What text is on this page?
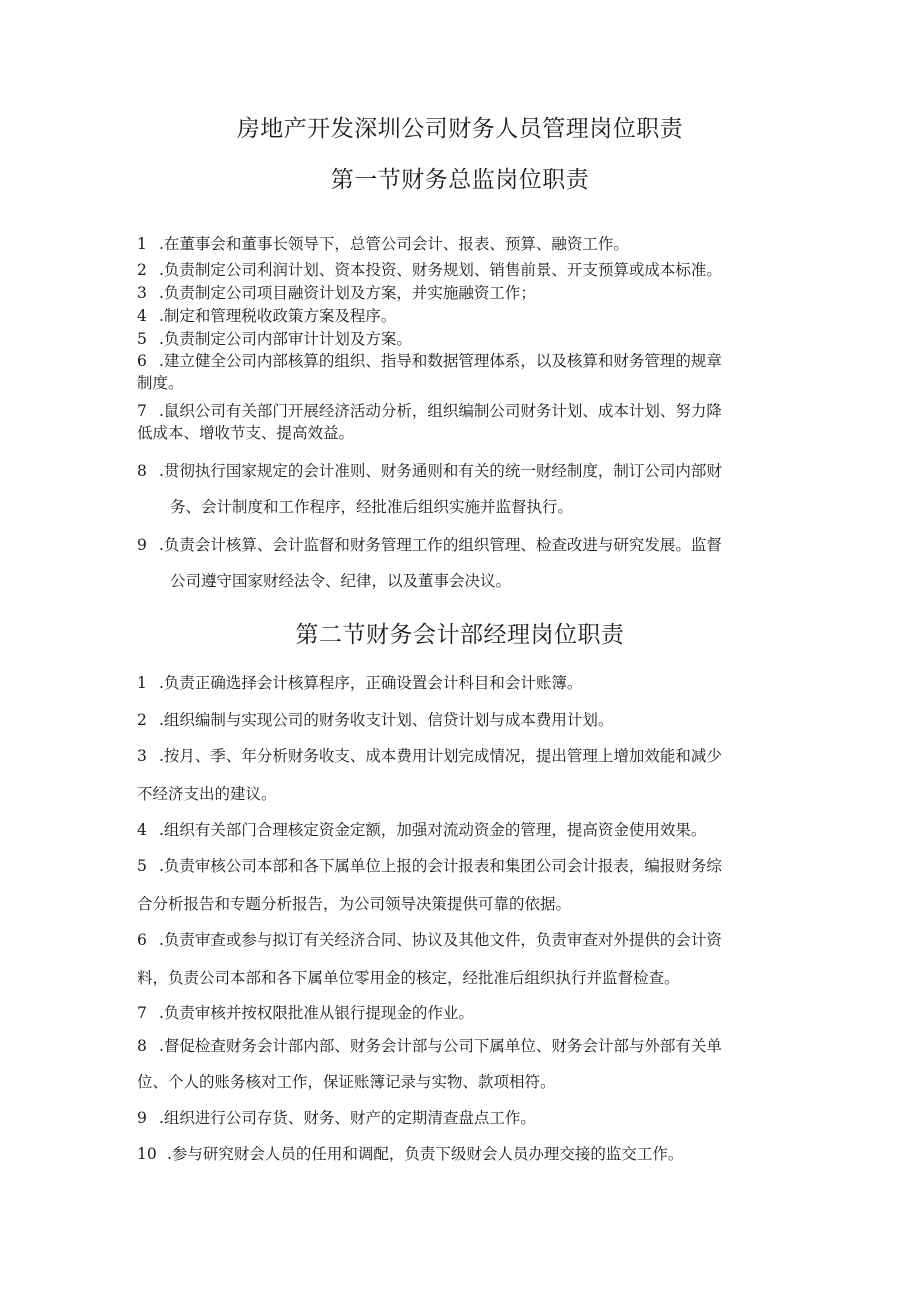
房地产开发深圳公司财务人员管理岗位职责
第一节财务总监岗位职责
1 .在董事会和董事长领导下，总管公司会计、报表、预算、融资工作。
2 .负责制定公司利润计划、资本投资、财务规划、销售前景、开支预算或成本标准。
3 .负责制定公司项目融资计划及方案，并实施融资工作；
4 .制定和管理税收政策方案及程序。
5 .负责制定公司内部审计计划及方案。
6 .建立健全公司内部核算的组织、指导和数据管理体系，以及核算和财务管理的规章
制度。
7 .鼠织公司有关部门开展经济活动分析，组织编制公司财务计划、成本计划、努力降
低成本、增收节支、提高效益。
8 .贯彻执行国家规定的会计准则、财务通则和有关的统一财经制度，制订公司内部财
务、会计制度和工作程序，经批准后组织实施并监督执行。
9 .负责会计核算、会计监督和财务管理工作的组织管理、检查改进与研究发展。监督
公司遵守国家财经法令、纪律，以及董事会决议。
第二节财务会计部经理岗位职责
1 .负责正确选择会计核算程序，正确设置会计科目和会计账簿。
2 .组织编制与实现公司的财务收支计划、信贷计划与成本费用计划。
3 .按月、季、年分析财务收支、成本费用计划完成情况，提出管理上增加效能和减少
不经济支出的建议。
4 .组织有关部门合理核定资金定额，加强对流动资金的管理，提高资金使用效果。
5 .负责审核公司本部和各下属单位上报的会计报表和集团公司会计报表，编报财务综
合分析报告和专题分析报告，为公司领导决策提供可靠的依据。
6 .负责审查或参与拟订有关经济合同、协议及其他文件，负责审查对外提供的会计资
料，负责公司本部和各下属单位零用金的核定，经批准后组织执行并监督检查。
7 .负责审核并按权限批准从银行提现金的作业。
8 .督促检查财务会计部内部、财务会计部与公司下属单位、财务会计部与外部有关单
位、个人的账务核对工作，保证账簿记录与实物、款项相符。
9 .组织进行公司存货、财务、财产的定期清查盘点工作。
10 .参与研究财会人员的任用和调配，负责下级财会人员办理交接的监交工作。
